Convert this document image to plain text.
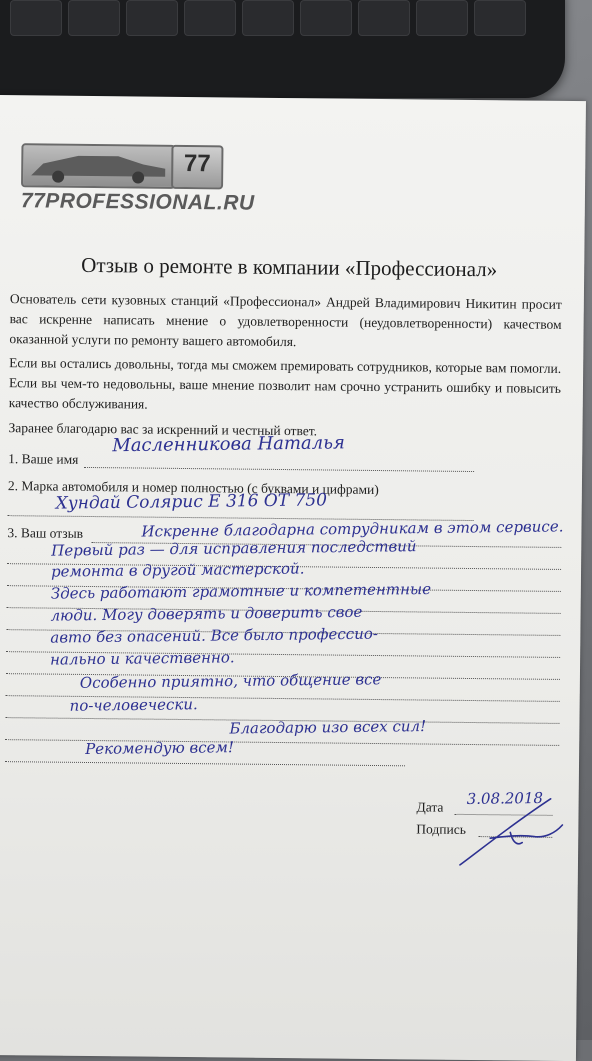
77
77PROFESSIONAL.RU
Отзыв о ремонте в компании «Профессионал»
Основатель сети кузовных станций «Профессионал» Андрей Владимирович Никитин просит вас искренне написать мнение о удовлетворенности (неудовлетворенности) качеством оказанной услуги по ремонту вашего автомобиля.
Если вы остались довольны, тогда мы сможем премировать сотрудников, которые вам помогли. Если вы чем-то недовольны, ваше мнение позволит нам срочно устранить ошибку и повысить качество обслуживания.
Заранее благодарю вас за искренний и честный ответ.
1. Ваше имя
Масленникова Наталья
2. Марка автомобиля и номер полностью (с буквами и цифрами)
Хундай Солярис Е 316 ОТ 750
3. Ваш отзыв	Искренне благодарна сотрудникам в этом сервисе.
Первый раз — для исправления последствий
ремонта в другой мастерской.
Здесь работают грамотные и компетентные
люди. Могу доверять и доверить свое
авто без опасений. Все было профессио-
нально и качественно.
Особенно приятно, что общение все
по-человечески.
Благодарю изо всех сил!
Рекомендую всем!
Дата 3.08.2018
Подпись
